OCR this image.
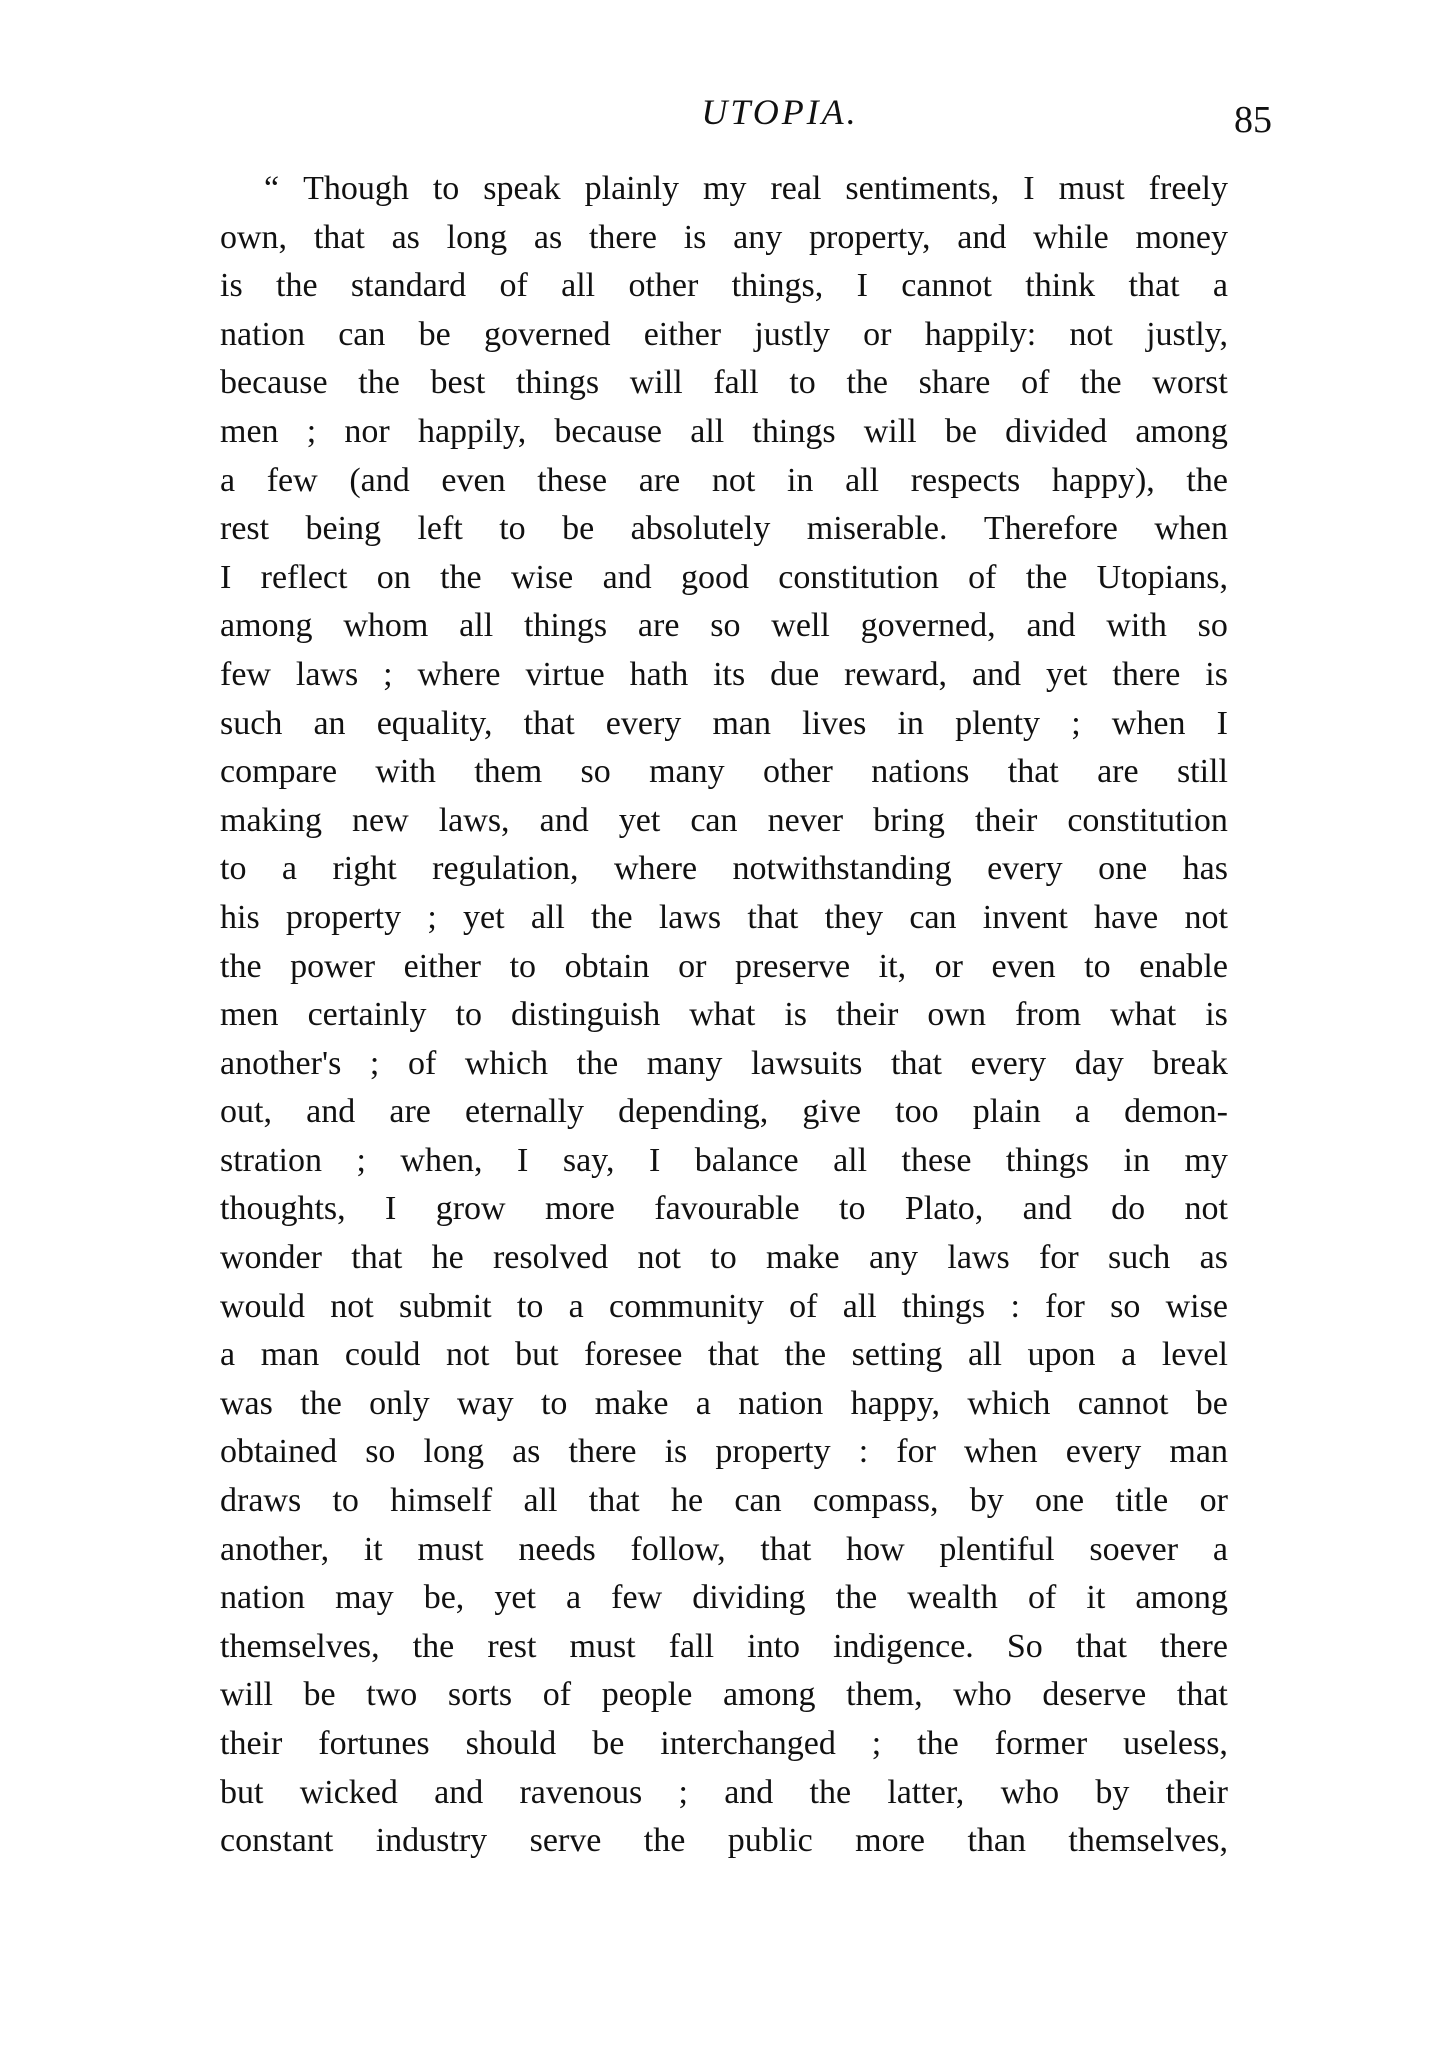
UTOPIA.	85
“ Though to speak plainly my real sentiments, I must freely
own, that as long as there is any property, and while money
is the standard of all other things, I cannot think that a
nation can be governed either justly or happily: not justly,
because the best things will fall to the share of the worst
men ; nor happily, because all things will be divided among
a few (and even these are not in all respects happy), the
rest being left to be absolutely miserable. Therefore when
I reflect on the wise and good constitution of the Utopians,
among whom all things are so well governed, and with so
few laws ; where virtue hath its due reward, and yet there is
such an equality, that every man lives in plenty ; when I
compare with them so many other nations that are still
making new laws, and yet can never bring their constitution
to a right regulation, where notwithstanding every one has
his property ; yet all the laws that they can invent have not
the power either to obtain or preserve it, or even to enable
men certainly to distinguish what is their own from what is
another's ; of which the many lawsuits that every day break
out, and are eternally depending, give too plain a demon-
stration ; when, I say, I balance all these things in my
thoughts, I grow more favourable to Plato, and do not
wonder that he resolved not to make any laws for such as
would not submit to a community of all things : for so wise
a man could not but foresee that the setting all upon a level
was the only way to make a nation happy, which cannot be
obtained so long as there is property : for when every man
draws to himself all that he can compass, by one title or
another, it must needs follow, that how plentiful soever a
nation may be, yet a few dividing the wealth of it among
themselves, the rest must fall into indigence. So that there
will be two sorts of people among them, who deserve that
their fortunes should be interchanged ; the former useless,
but wicked and ravenous ; and the latter, who by their
constant industry serve the public more than themselves,
